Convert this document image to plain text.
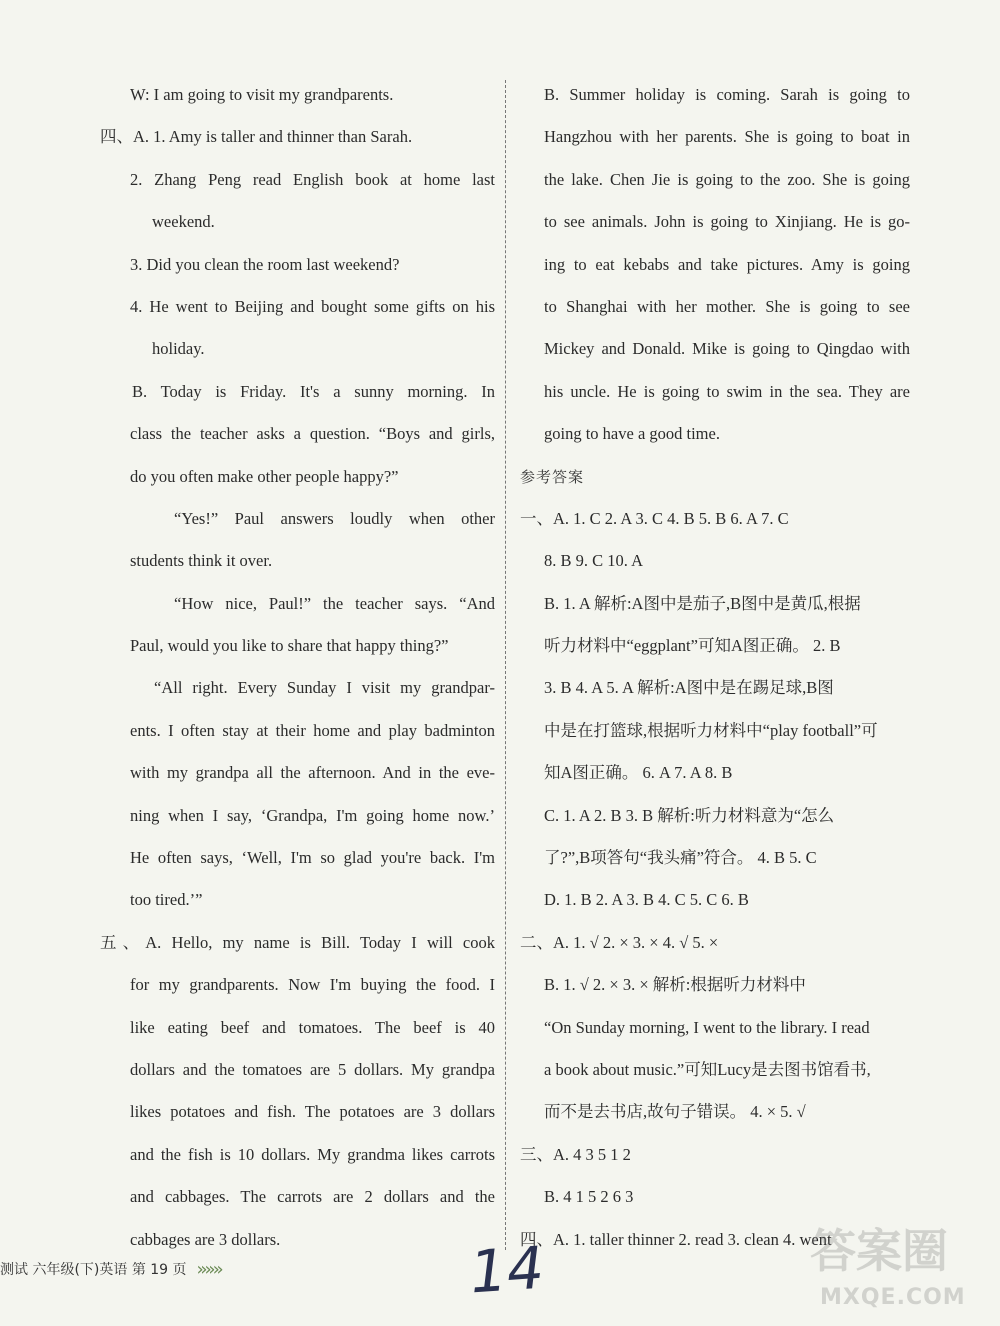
W: I am going to visit my grandparents.
四、A. 1. Amy is taller and thinner than Sarah.
2. Zhang Peng read English book at home last
weekend.
3. Did you clean the room last weekend?
4. He went to Beijing and bought some gifts on his
holiday.
B. Today is Friday. It's a sunny morning. In
class the teacher asks a question. “Boys and girls,
do you often make other people happy?”
“Yes!” Paul answers loudly when other
students think it over.
“How nice, Paul!” the teacher says. “And
Paul, would you like to share that happy thing?”
“All right. Every Sunday I visit my grandpar-
ents. I often stay at their home and play badminton
with my grandpa all the afternoon. And in the eve-
ning when I say, ‘Grandpa, I'm going home now.’
He often says, ‘Well, I'm so glad you're back. I'm
too tired.’”
五、A. Hello, my name is Bill. Today I will cook
for my grandparents. Now I'm buying the food. I
like eating beef and tomatoes. The beef is 40
dollars and the tomatoes are 5 dollars. My grandpa
likes potatoes and fish. The potatoes are 3 dollars
and the fish is 10 dollars. My grandma likes carrots
and cabbages. The carrots are 2 dollars and the
cabbages are 3 dollars.
B. Summer holiday is coming. Sarah is going to
Hangzhou with her parents. She is going to boat in
the lake. Chen Jie is going to the zoo. She is going
to see animals. John is going to Xinjiang. He is go-
ing to eat kebabs and take pictures. Amy is going
to Shanghai with her mother. She is going to see
Mickey and Donald. Mike is going to Qingdao with
his uncle. He is going to swim in the sea. They are
going to have a good time.
参考答案
一、A. 1. C 2. A 3. C 4. B 5. B 6. A 7. C
8. B 9. C 10. A
B. 1. A 解析:A图中是茄子,B图中是黄瓜,根据
听力材料中“eggplant”可知A图正确。 2. B
3. B 4. A 5. A 解析:A图中是在踢足球,B图
中是在打篮球,根据听力材料中“play football”可
知A图正确。 6. A 7. A 8. B
C. 1. A 2. B 3. B 解析:听力材料意为“怎么
了?”,B项答句“我头痛”符合。 4. B 5. C
D. 1. B 2. A 3. B 4. C 5. C 6. B
二、A. 1. √ 2. × 3. × 4. √ 5. ×
B. 1. √ 2. × 3. × 解析:根据听力材料中
“On Sunday morning, I went to the library. I read
a book about music.”可知Lucy是去图书馆看书,
而不是去书店,故句子错误。 4. × 5. √
三、A. 4 3 5 1 2
B. 4 1 5 2 6 3
四、A. 1. taller thinner 2. read 3. clean 4. went
测试 六年级(下)英语 第 19 页 »»»	14	答案圈
MXQE.COM
